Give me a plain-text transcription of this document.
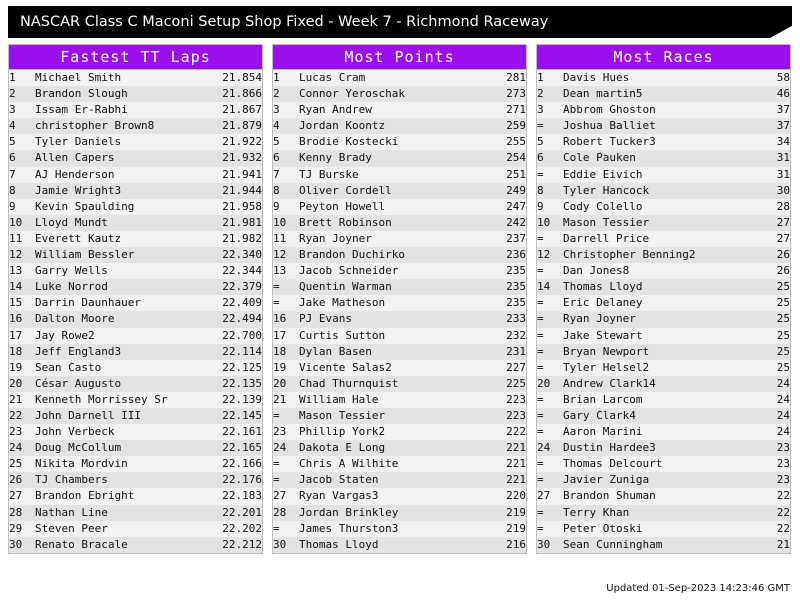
NASCAR Class C Maconi Setup Shop Fixed - Week 7 - Richmond Raceway
Fastest TT Laps
1	Michael Smith	21.854
2	Brandon Slough	21.866
3	Issam Er-Rabhi	21.867
4	christopher Brown8	21.879
5	Tyler Daniels	21.922
6	Allen Capers	21.932
7	AJ Henderson	21.941
8	Jamie Wright3	21.944
9	Kevin Spaulding	21.958
10	Lloyd Mundt	21.981
11	Everett Kautz	21.982
12	William Bessler	22.340
13	Garry Wells	22.344
14	Luke Norrod	22.379
15	Darrin Daunhauer	22.409
16	Dalton Moore	22.494
17	Jay Rowe2	22.700
18	Jeff England3	22.114
19	Sean Casto	22.125
20	César Augusto	22.135
21	Kenneth Morrissey Sr	22.139
22	John Darnell III	22.145
23	John Verbeck	22.161
24	Doug McCollum	22.165
25	Nikita Mordvin	22.166
26	TJ Chambers	22.176
27	Brandon Ebright	22.183
28	Nathan Line	22.201
29	Steven Peer	22.202
30	Renato Bracale	22.212
Most Points
1	Lucas Cram	281
2	Connor Yeroschak	273
3	Ryan Andrew	271
4	Jordan Koontz	259
5	Brodie Kostecki	255
6	Kenny Brady	254
7	TJ Burske	251
8	Oliver Cordell	249
9	Peyton Howell	247
10	Brett Robinson	242
11	Ryan Joyner	237
12	Brandon Duchirko	236
13	Jacob Schneider	235
=	Quentin Warman	235
=	Jake Matheson	235
16	PJ Evans	233
17	Curtis Sutton	232
18	Dylan Basen	231
19	Vicente Salas2	227
20	Chad Thurnquist	225
21	William Hale	223
=	Mason Tessier	223
23	Phillip York2	222
24	Dakota E Long	221
=	Chris A Wilhite	221
=	Jacob Staten	221
27	Ryan Vargas3	220
28	Jordan Brinkley	219
=	James Thurston3	219
30	Thomas Lloyd	216
Most Races
1	Davis Hues	58
2	Dean martin5	46
3	Abbrom Ghoston	37
=	Joshua Balliet	37
5	Robert Tucker3	34
6	Cole Pauken	31
=	Eddie Eivich	31
8	Tyler Hancock	30
9	Cody Colello	28
10	Mason Tessier	27
=	Darrell Price	27
12	Christopher Benning2	26
=	Dan Jones8	26
14	Thomas Lloyd	25
=	Eric Delaney	25
=	Ryan Joyner	25
=	Jake Stewart	25
=	Bryan Newport	25
=	Tyler Helsel2	25
20	Andrew Clark14	24
=	Brian Larcom	24
=	Gary Clark4	24
=	Aaron Marini	24
24	Dustin Hardee3	23
=	Thomas Delcourt	23
=	Javier Zuniga	23
27	Brandon Shuman	22
=	Terry Khan	22
=	Peter Otoski	22
30	Sean Cunningham	21
Updated 01-Sep-2023 14:23:46 GMT
